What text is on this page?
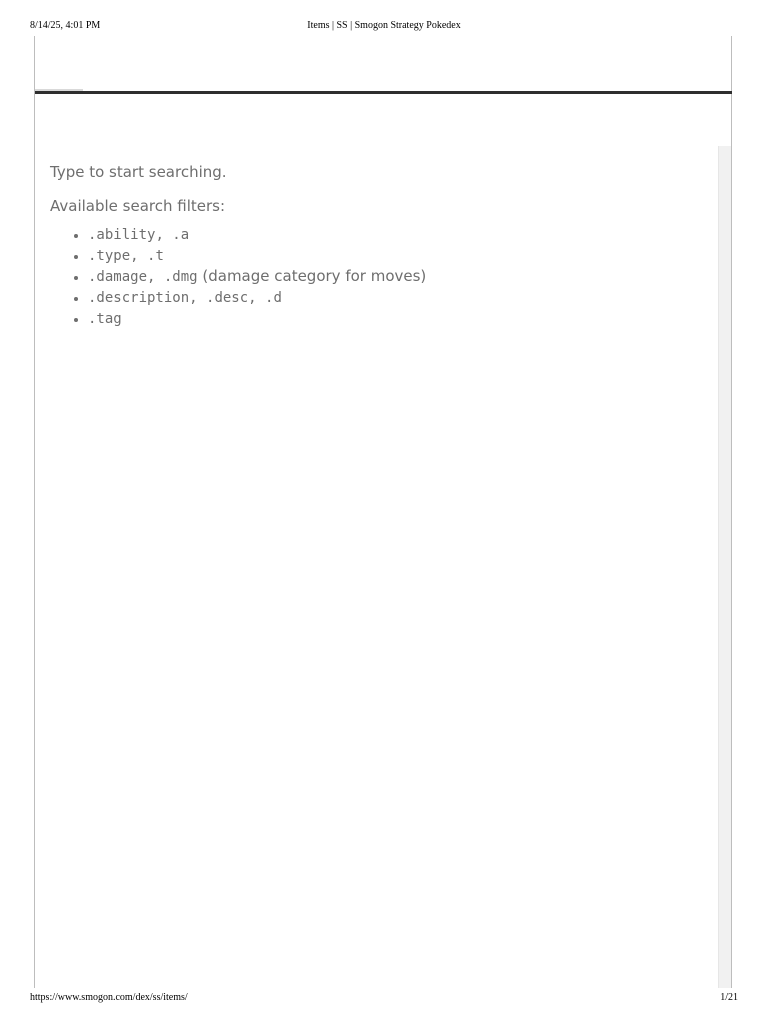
8/14/25, 4:01 PM	Items | SS | Smogon Strategy Pokedex

Type to start searching.

Available search filters:

• .ability, .a
• .type, .t
• .damage, .dmg (damage category for moves)
• .description, .desc, .d
• .tag
https://www.smogon.com/dex/ss/items/	1/21
